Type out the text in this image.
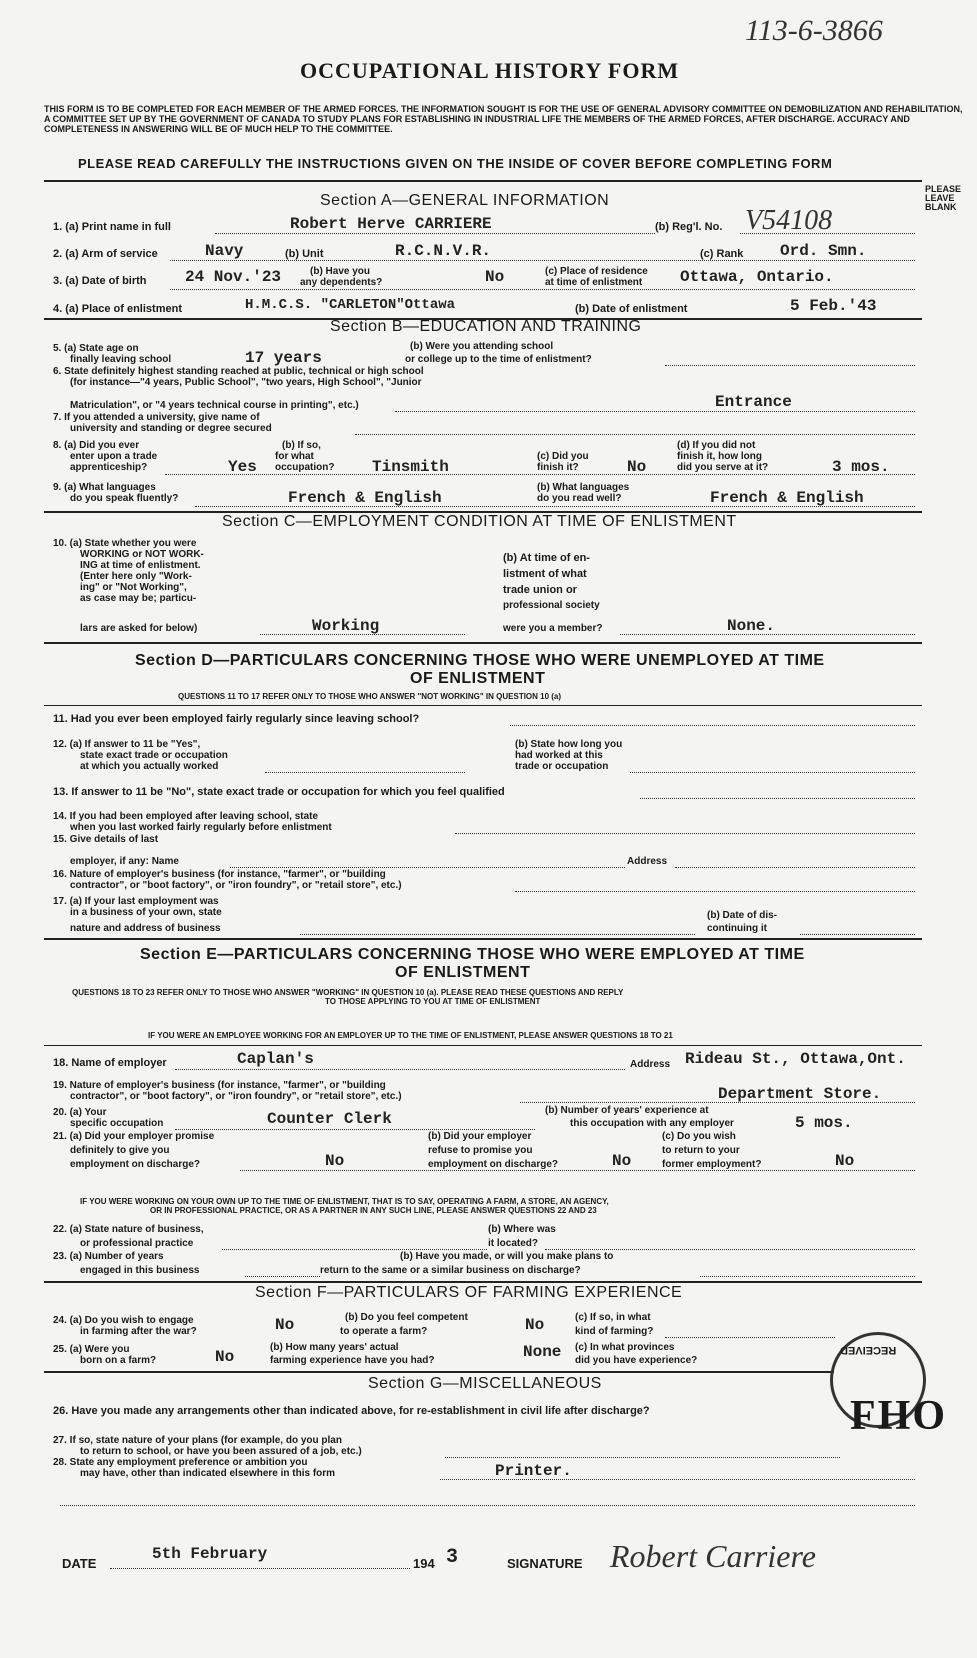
113-6-3866
OCCUPATIONAL HISTORY FORM
THIS FORM IS TO BE COMPLETED FOR EACH MEMBER OF THE ARMED FORCES. THE INFORMATION SOUGHT IS FOR THE USE OF GENERAL ADVISORY COMMITTEE ON DEMOBILIZATION AND REHABILITATION, A COMMITTEE SET UP BY THE GOVERNMENT OF CANADA TO STUDY PLANS FOR ESTABLISHING IN INDUSTRIAL LIFE THE MEMBERS OF THE ARMED FORCES, AFTER DISCHARGE. ACCURACY AND COMPLETENESS IN ANSWERING WILL BE OF MUCH HELP TO THE COMMITTEE.
PLEASE READ CAREFULLY THE INSTRUCTIONS GIVEN ON THE INSIDE OF COVER BEFORE COMPLETING FORM
PLEASE LEAVE BLANK
Section A—GENERAL INFORMATION
1. (a) Print name in full	Robert Herve CARRIERE	(b) Reg'l. No. V54108
2. (a) Arm of service	Navy	(b) Unit	R.C.N.V.R.	(c) Rank Ord. Smn.
3. (a) Date of birth 24 Nov.'23	(b) Have you
any dependents?	No	(c) Place of residence
at time of enlistment Ottawa, Ontario.
4. (a) Place of enlistment	H.M.C.S. "CARLETON"Ottawa	(b) Date of enlistment	5 Feb.'43
Section B—EDUCATION AND TRAINING
5. (a) State age on
finally leaving school	17 years
(b) Were you attending school
or college up to the time of enlistment?
6. State definitely highest standing reached at public, technical or high school
(for instance—"4 years, Public School", "two years, High School", "Junior
Matriculation", or "4 years technical course in printing", etc.)	Entrance
7. If you attended a university, give name of
university and standing or degree secured
8. (a) Did you ever
enter upon a trade
apprenticeship?	Yes
(b) If so,
for what
occupation? Tinsmith
(c) Did you
finish it?	No
(d) If you did not
finish it, how long
did you serve at it?	3 mos.
9. (a) What languages
do you speak fluently?	French & English
(b) What languages
do you read well?	French & English
Section C—EMPLOYMENT CONDITION AT TIME OF ENLISTMENT
10. (a) State whether you were
WORKING or NOT WORK-
ING at time of enlistment.
(Enter here only "Work-
ing" or "Not Working",
as case may be; particu-
lars are asked for below)	Working
(b) At time of en-
listment of what
trade union or
professional society
were you a member?	None.
Section D—PARTICULARS CONCERNING THOSE WHO WERE UNEMPLOYED AT TIME
OF ENLISTMENT
QUESTIONS 11 TO 17 REFER ONLY TO THOSE WHO ANSWER "NOT WORKING" IN QUESTION 10 (a)
11. Had you ever been employed fairly regularly since leaving school?
12. (a) If answer to 11 be "Yes",
state exact trade or occupation
at which you actually worked
(b) State how long you
had worked at this
trade or occupation
13. If answer to 11 be "No", state exact trade or occupation for which you feel qualified
14. If you had been employed after leaving school, state
when you last worked fairly regularly before enlistment
15. Give details of last
employer, if any: Name	Address
16. Nature of employer's business (for instance, "farmer", or "building
contractor", or "boot factory", or "iron foundry", or "retail store", etc.)
17. (a) If your last employment was
in a business of your own, state
nature and address of business
(b) Date of dis-
continuing it
Section E—PARTICULARS CONCERNING THOSE WHO WERE EMPLOYED AT TIME
OF ENLISTMENT
QUESTIONS 18 TO 23 REFER ONLY TO THOSE WHO ANSWER "WORKING" IN QUESTION 10 (a). PLEASE READ THESE QUESTIONS AND REPLY
TO THOSE APPLYING TO YOU AT TIME OF ENLISTMENT
IF YOU WERE AN EMPLOYEE WORKING FOR AN EMPLOYER UP TO THE TIME OF ENLISTMENT, PLEASE ANSWER QUESTIONS 18 TO 21
18. Name of employer	Caplan's	Address Rideau St., Ottawa,Ont.
19. Nature of employer's business (for instance, "farmer", or "building
contractor", or "boot factory", or "iron foundry", or "retail store", etc.)	Department Store.
20. (a) Your
specific occupation	Counter Clerk	(b) Number of years' experience at
this occupation with any employer	5 mos.
21. (a) Did your employer promise
definitely to give you
employment on discharge?	No
(b) Did your employer
refuse to promise you
employment on discharge?	No
(c) Do you wish
to return to your
former employment?	No
IF YOU WERE WORKING ON YOUR OWN UP TO THE TIME OF ENLISTMENT, THAT IS TO SAY, OPERATING A FARM, A STORE, AN AGENCY,
OR IN PROFESSIONAL PRACTICE, OR AS A PARTNER IN ANY SUCH LINE, PLEASE ANSWER QUESTIONS 22 AND 23
22. (a) State nature of business,
or professional practice
(b) Where was
it located?
23. (a) Number of years
engaged in this business
(b) Have you made, or will you make plans to
return to the same or a similar business on discharge?
Section F—PARTICULARS OF FARMING EXPERIENCE
24. (a) Do you wish to engage
in farming after the war?	No	(b) Do you feel competent
to operate a farm?	No	(c) If so, in what
kind of farming?
25. (a) Were you
born on a farm?	No
(b) How many years' actual
farming experience have you had?	None (c) In what provinces
did you have experience?
Section G—MISCELLANEOUS
26. Have you made any arrangements other than indicated above, for re-establishment in civil life after discharge?
27. If so, state nature of your plans (for example, do you plan
to return to school, or have you been assured of a job, etc.)
28. State any employment preference or ambition you
may have, other than indicated elsewhere in this form	Printer.
RECEIVED
FHO
DATE
5th February
194 3	SIGNATURE Robert Carriere
